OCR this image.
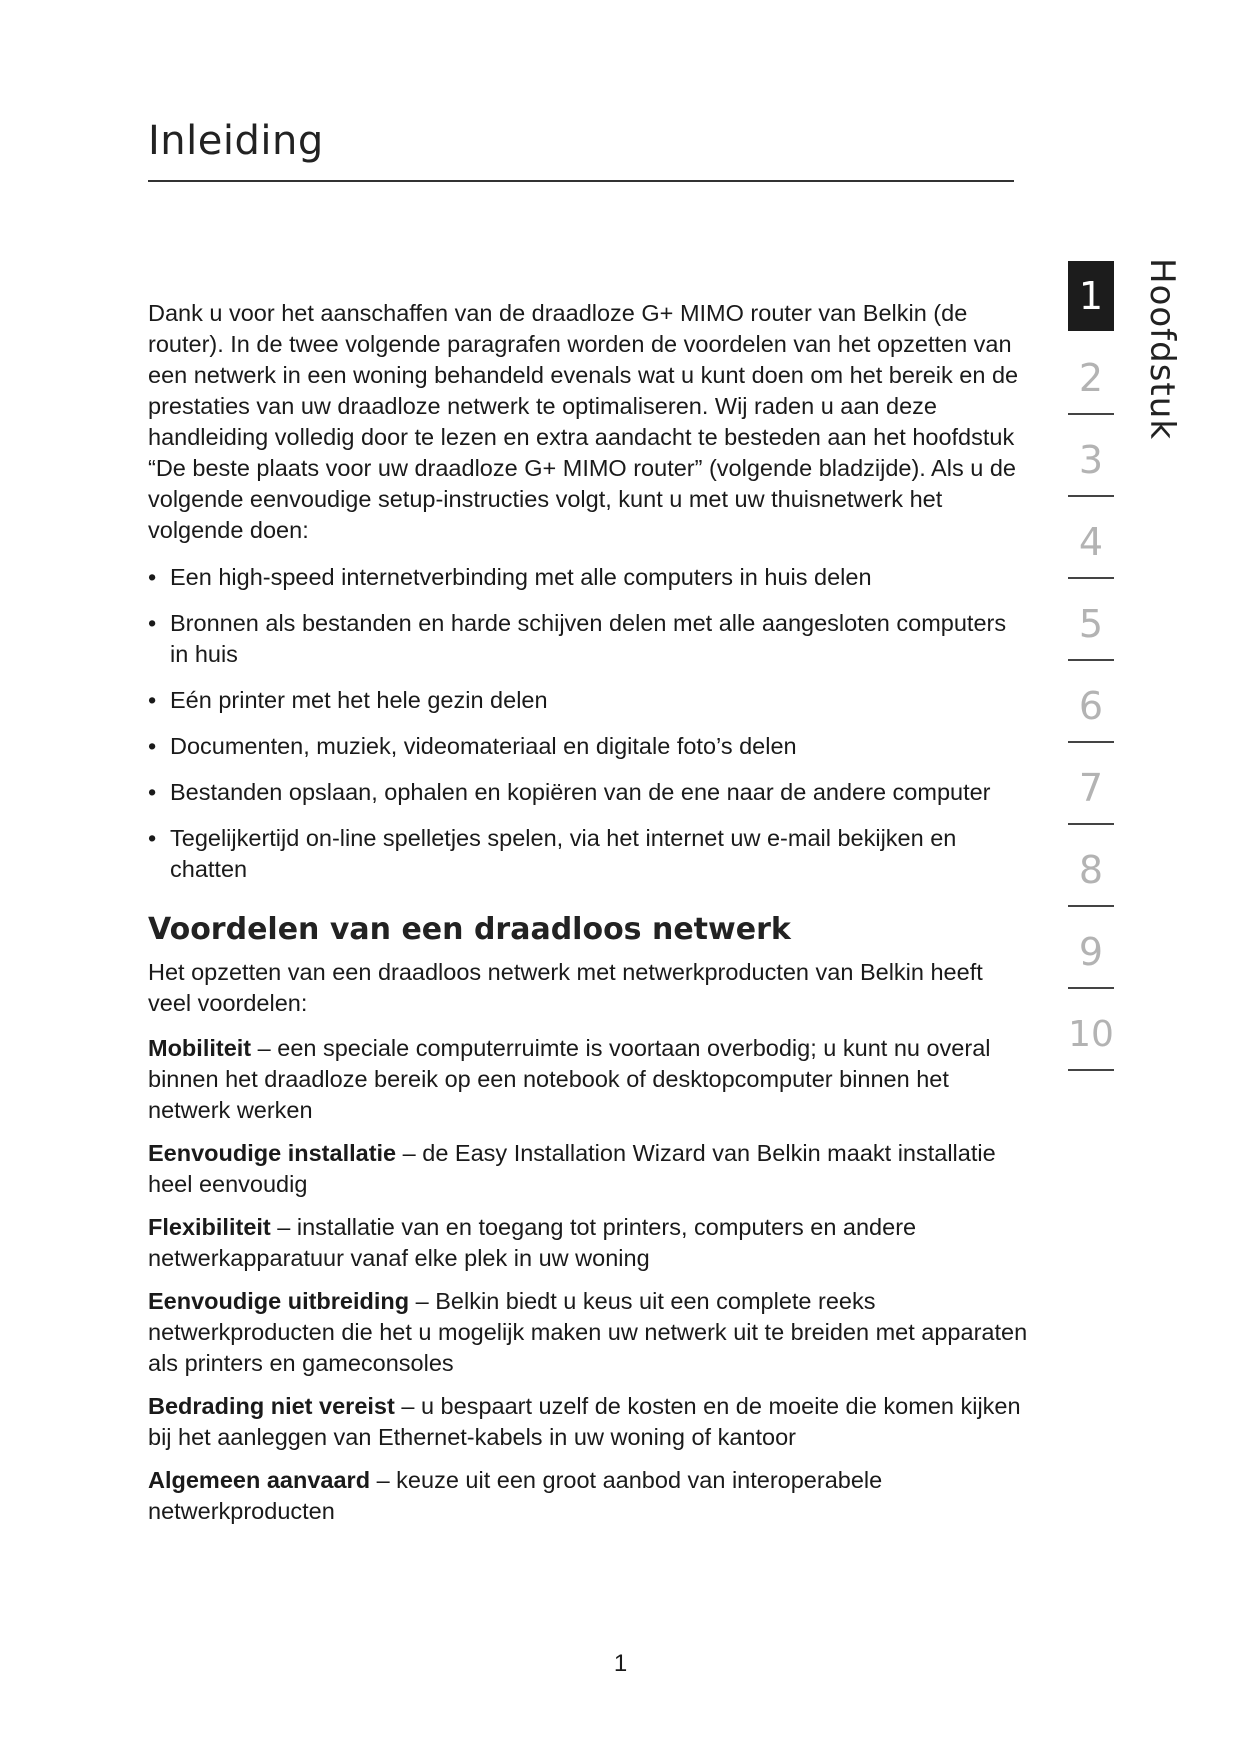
Inleiding

Dank u voor het aanschaffen van de draadloze G+ MIMO router van Belkin (de router). In de twee volgende paragrafen worden de voordelen van het opzetten van een netwerk in een woning behandeld evenals wat u kunt doen om het bereik en de prestaties van uw draadloze netwerk te optimaliseren. Wij raden u aan deze handleiding volledig door te lezen en extra aandacht te besteden aan het hoofdstuk “De beste plaats voor uw draadloze G+ MIMO router” (volgende bladzijde). Als u de volgende eenvoudige setup-instructies volgt, kunt u met uw thuisnetwerk het volgende doen:

• Een high-speed internetverbinding met alle computers in huis delen
• Bronnen als bestanden en harde schijven delen met alle aangesloten computers in huis
• Eén printer met het hele gezin delen
• Documenten, muziek, videomateriaal en digitale foto’s delen
• Bestanden opslaan, ophalen en kopiëren van de ene naar de andere computer
• Tegelijkertijd on-line spelletjes spelen, via het internet uw e-mail bekijken en chatten
Voordelen van een draadloos netwerk

Het opzetten van een draadloos netwerk met netwerkproducten van Belkin heeft veel voordelen:

Mobiliteit – een speciale computerruimte is voortaan overbodig; u kunt nu overal binnen het draadloze bereik op een notebook of desktopcomputer binnen het netwerk werken

Eenvoudige installatie – de Easy Installation Wizard van Belkin maakt installatie heel eenvoudig

Flexibiliteit – installatie van en toegang tot printers, computers en andere netwerkapparatuur vanaf elke plek in uw woning

Eenvoudige uitbreiding – Belkin biedt u keus uit een complete reeks netwerkproducten die het u mogelijk maken uw netwerk uit te breiden met apparaten als printers en gameconsoles

Bedrading niet vereist – u bespaart uzelf de kosten en de moeite die komen kijken bij het aanleggen van Ethernet-kabels in uw woning of kantoor

Algemeen aanvaard – keuze uit een groot aanbod van interoperabele netwerkproducten

1
2
3
4
5
6
7
8
9
10
Hoofdstuk
1
